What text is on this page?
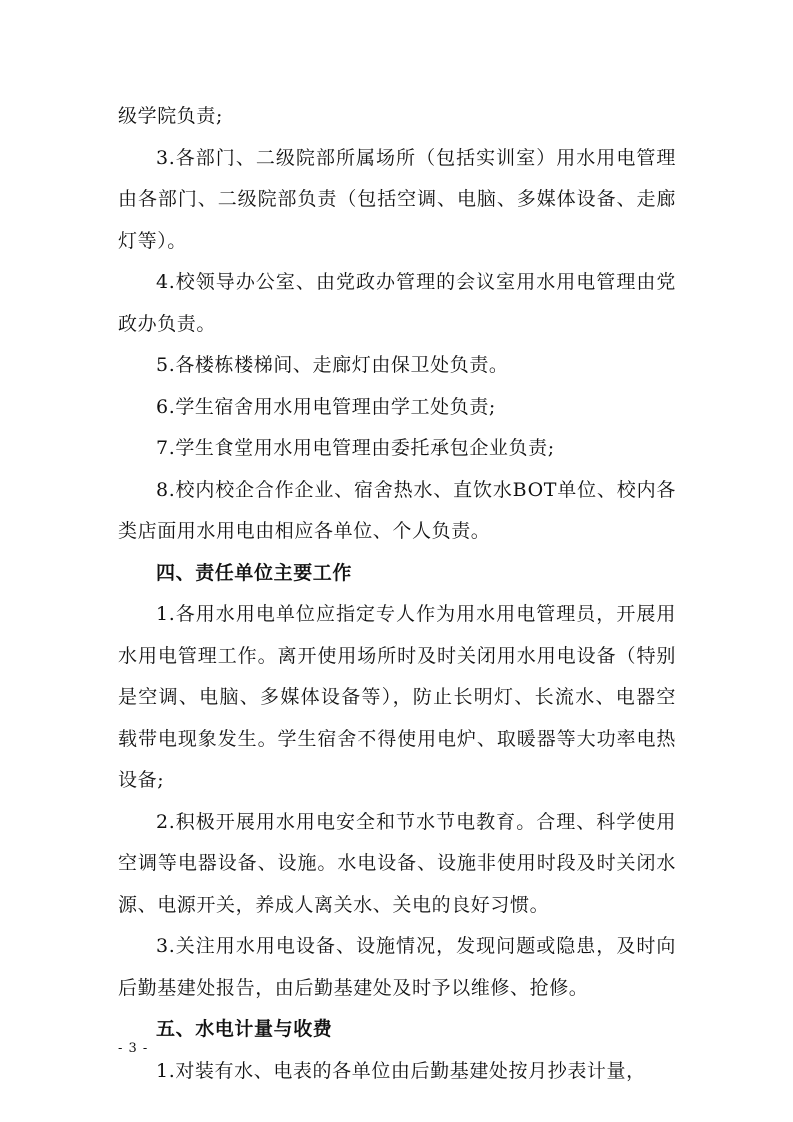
级学院负责;

3.各部门、二级院部所属场所（包括实训室）用水用电管理由各部门、二级院部负责（包括空调、电脑、多媒体设备、走廊灯等）。

4.校领导办公室、由党政办管理的会议室用水用电管理由党政办负责。

5.各楼栋楼梯间、走廊灯由保卫处负责。

6.学生宿舍用水用电管理由学工处负责;

7.学生食堂用水用电管理由委托承包企业负责;

8.校内校企合作企业、宿舍热水、直饮水BOT单位、校内各类店面用水用电由相应各单位、个人负责。

四、责任单位主要工作

1.各用水用电单位应指定专人作为用水用电管理员，开展用水用电管理工作。离开使用场所时及时关闭用水用电设备（特别是空调、电脑、多媒体设备等），防止长明灯、长流水、电器空载带电现象发生。学生宿舍不得使用电炉、取暖器等大功率电热设备;

2.积极开展用水用电安全和节水节电教育。合理、科学使用空调等电器设备、设施。水电设备、设施非使用时段及时关闭水源、电源开关，养成人离关水、关电的良好习惯。

3.关注用水用电设备、设施情况，发现问题或隐患，及时向后勤基建处报告，由后勤基建处及时予以维修、抢修。

五、水电计量与收费

1.对装有水、电表的各单位由后勤基建处按月抄表计量，

- 3 -
